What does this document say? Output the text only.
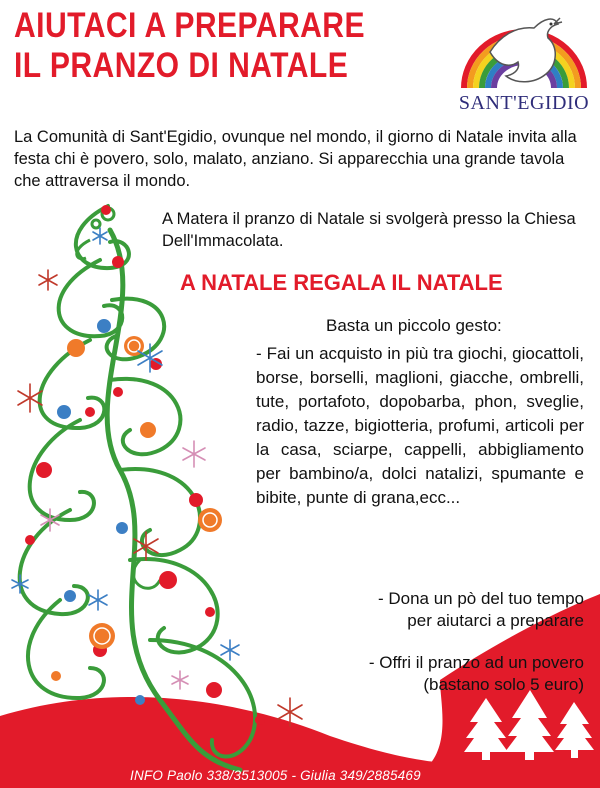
AIUTACI A PREPARARE
IL PRANZO DI NATALE
SANT'EGIDIO
La Comunità di Sant'Egidio, ovunque nel mondo, il giorno di Natale invita alla festa chi è povero, solo, malato, anziano. Si apparecchia una grande tavola che attraversa il mondo.
A Matera il pranzo di Natale si svolgerà presso la Chiesa Dell'Immacolata.
A NATALE REGALA IL NATALE
Basta un piccolo gesto:
- Fai un acquisto in più tra giochi, giocattoli, borse, borselli, maglioni, giacche, ombrelli, tute, portafoto, dopobarba, phon, sveglie, radio, tazze, bigiotteria, profumi, articoli per la casa, sciarpe, cappelli, abbigliamento per bambino/a, dolci natalizi, spumante e bibite, punte di grana,ecc...
- Dona un pò del tuo tempo
per aiutarci a preparare
- Offri il pranzo ad un povero
(bastano solo 5 euro)
INFO Paolo 338/3513005 - Giulia 349/2885469
